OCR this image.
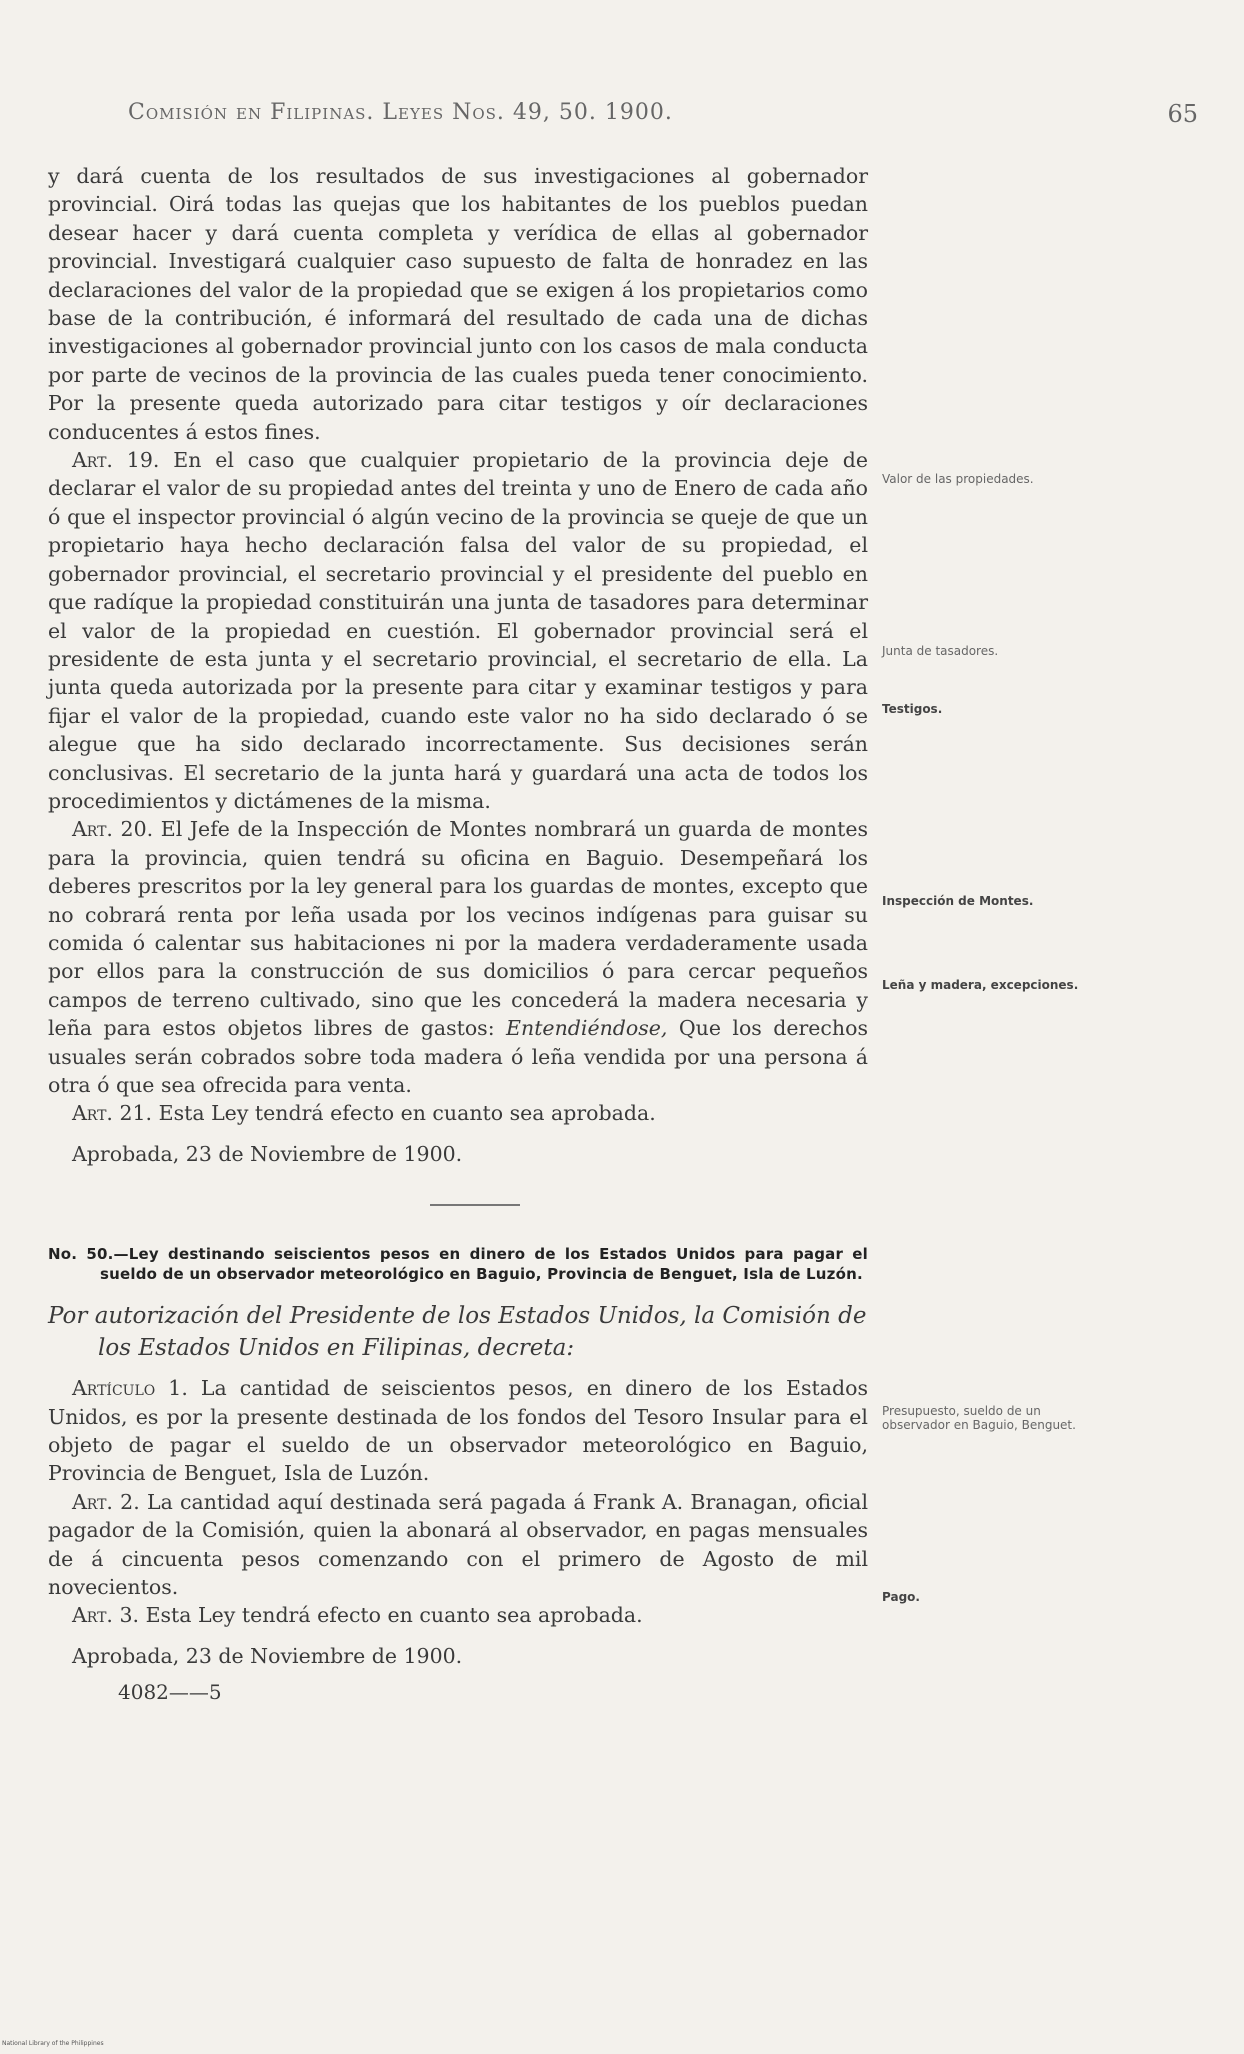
Comisión en Filipinas. Leyes Nos. 49, 50. 1900.	65

y dará cuenta de los resultados de sus investigaciones al gobernador provincial. Oirá todas las quejas que los habitantes de los pueblos puedan desear hacer y dará cuenta completa y verídica de ellas al gobernador provincial. Investigará cualquier caso supuesto de falta de honradez en las declaraciones del valor de la propiedad que se exigen á los propietarios como base de la contribución, é informará del resultado de cada una de dichas investigaciones al gobernador provincial junto con los casos de mala conducta por parte de vecinos de la provincia de las cuales pueda tener conocimiento. Por la presente queda autorizado para citar testigos y oír declaraciones conducentes á estos fines.

Art. 19. En el caso que cualquier propietario de la provincia deje de declarar el valor de su propiedad antes del treinta y uno de Enero de cada año ó que el inspector provincial ó algún vecino de la provincia se queje de que un propietario haya hecho declaración falsa del valor de su propiedad, el gobernador provincial, el secretario provincial y el presidente del pueblo en que radíque la propiedad constituirán una junta de tasadores para determinar el valor de la propiedad en cuestión. El gobernador provincial será el presidente de esta junta y el secretario provincial, el secretario de ella. La junta queda autorizada por la presente para citar y examinar testigos y para fijar el valor de la propiedad, cuando este valor no ha sido declarado ó se alegue que ha sido declarado incorrectamente. Sus decisiones serán conclusivas. El secretario de la junta hará y guardará una acta de todos los procedimientos y dictámenes de la misma.

Art. 20. El Jefe de la Inspección de Montes nombrará un guarda de montes para la provincia, quien tendrá su oficina en Baguio. Desempeñará los deberes prescritos por la ley general para los guardas de montes, excepto que no cobrará renta por leña usada por los vecinos indígenas para guisar su comida ó calentar sus habitaciones ni por la madera verdaderamente usada por ellos para la construcción de sus domicilios ó para cercar pequeños campos de terreno cultivado, sino que les concederá la madera necesaria y leña para estos objetos libres de gastos: Entendiéndose, Que los derechos usuales serán cobrados sobre toda madera ó leña vendida por una persona á otra ó que sea ofrecida para venta.

Art. 21. Esta Ley tendrá efecto en cuanto sea aprobada.

Aprobada, 23 de Noviembre de 1900.

No. 50.—Ley destinando seiscientos pesos en dinero de los Estados Unidos para pagar el sueldo de un observador meteorológico en Baguio, Provincia de Benguet, Isla de Luzón.

Por autorización del Presidente de los Estados Unidos, la Comisión de los Estados Unidos en Filipinas, decreta:

Artículo 1. La cantidad de seiscientos pesos, en dinero de los Estados Unidos, es por la presente destinada de los fondos del Tesoro Insular para el objeto de pagar el sueldo de un observador meteorológico en Baguio, Provincia de Benguet, Isla de Luzón.

Art. 2. La cantidad aquí destinada será pagada á Frank A. Branagan, oficial pagador de la Comisión, quien la abonará al observador, en pagas mensuales de á cincuenta pesos comenzando con el primero de Agosto de mil novecientos.

Art. 3. Esta Ley tendrá efecto en cuanto sea aprobada.

Aprobada, 23 de Noviembre de 1900.

4082——5

Valor de las propiedades.
Junta de tasadores.
Testigos.
Inspección de Montes.
Leña y madera, excepciones.
Presupuesto, sueldo de un observador en Baguio, Benguet.
Pago.
National Library of the Philippines
